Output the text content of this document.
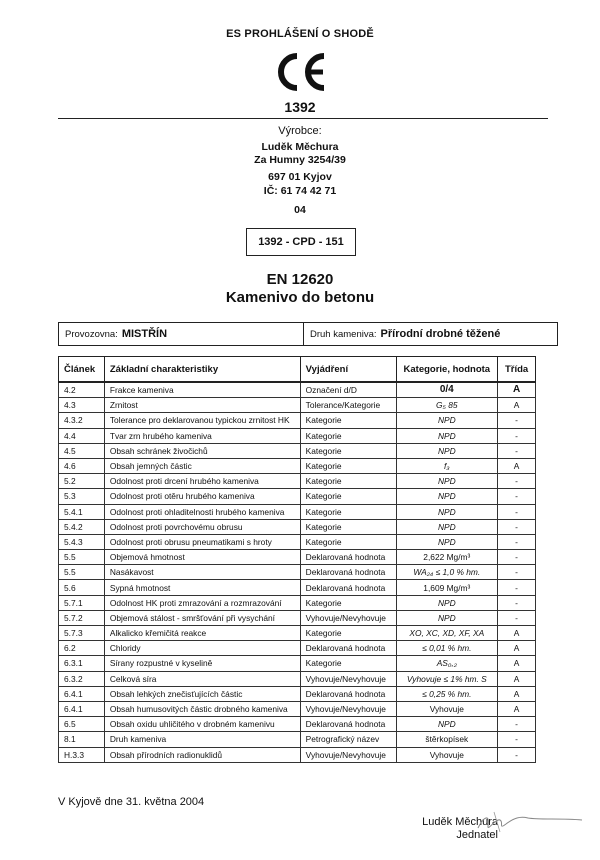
ES PROHLÁŠENÍ O SHODĚ
1392
Výrobce:
Luděk Měchura
Za Humny 3254/39
697 01 Kyjov
IČ: 61 74 42 71
04
1392 - CPD - 151
EN 12620
Kamenivo do betonu
Provozovna: MISTŘÍN	Druh kameniva: Přírodní drobné těžené
Článek	Základní charakteristiky	Vyjádření	Kategorie, hodnota	Třída
4.2	Frakce kameniva	Označení d/D	0/4	A
4.3	Zrnitost	Tolerance/Kategorie	G₅ 85	A
4.3.2	Tolerance pro deklarovanou typickou zrnitost HK	Kategorie	NPD	-
4.4	Tvar zrn hrubého kameniva	Kategorie	NPD	-
4.5	Obsah schránek živočichů	Kategorie	NPD	-
4.6	Obsah jemných částic	Kategorie	f₃	A
5.2	Odolnost proti drcení hrubého kameniva	Kategorie	NPD	-
5.3	Odolnost proti otěru hrubého kameniva	Kategorie	NPD	-
5.4.1	Odolnost proti ohladitelnosti hrubého kameniva	Kategorie	NPD	-
5.4.2	Odolnost proti povrchovému obrusu	Kategorie	NPD	-
5.4.3	Odolnost proti obrusu pneumatikami s hroty	Kategorie	NPD	-
5.5	Objemová hmotnost	Deklarovaná hodnota	2,622 Mg/m³	-
5.5	Nasákavost	Deklarovaná hodnota	WA₂₄ ≤ 1,0 % hm.	-
5.6	Sypná hmotnost	Deklarovaná hodnota	1,609 Mg/m³	-
5.7.1	Odolnost HK proti zmrazování a rozmrazování	Kategorie	NPD	-
5.7.2	Objemová stálost - smršťování při vysychání	Vyhovuje/Nevyhovuje	NPD	-
5.7.3	Alkalicko křemičitá reakce	Kategorie	XO, XC, XD, XF, XA	A
6.2	Chloridy	Deklarovaná hodnota	≤ 0,01 % hm.	A
6.3.1	Sírany rozpustné v kyselině	Kategorie	AS₀,₂	A
6.3.2	Celková síra	Vyhovuje/Nevyhovuje	Vyhovuje ≤ 1% hm. S	A
6.4.1	Obsah lehkých znečisťujících částic	Deklarovaná hodnota	≤ 0,25 % hm.	A
6.4.1	Obsah humusovitých částic drobného kameniva	Vyhovuje/Nevyhovuje	Vyhovuje	A
6.5	Obsah oxidu uhličitého v drobném kamenivu	Deklarovaná hodnota	NPD	-
8.1	Druh kameniva	Petrografický název	štěrkopísek	-
H.3.3	Obsah přírodních radionuklidů	Vyhovuje/Nevyhovuje	Vyhovuje	-
V Kyjově dne 31. května 2004
Luděk Měchura
Jednatel
